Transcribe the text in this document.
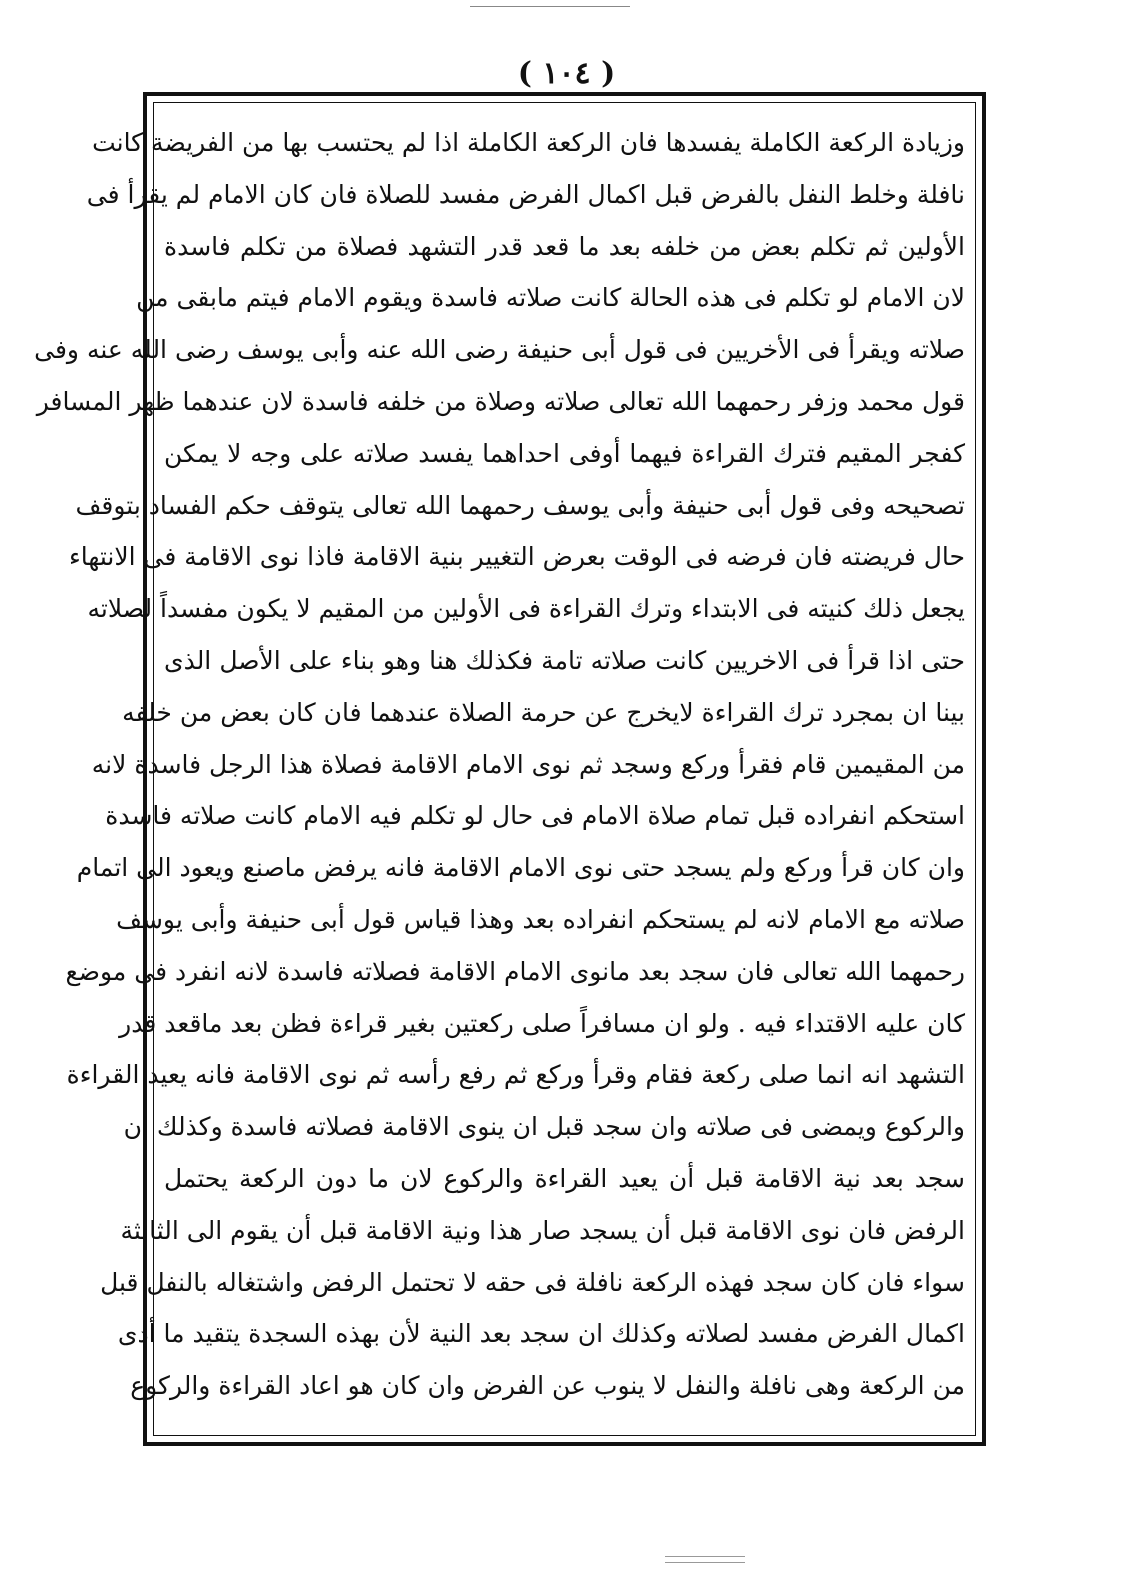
( ١٠٤ )
وزيادة الركعة الكاملة يفسدها فان الركعة الكاملة اذا لم يحتسب بها من الفريضة كانت
نافلة وخلط النفل بالفرض قبل اكمال الفرض مفسد للصلاة فان كان الامام لم يقرأ فى
الأولين ثم تكلم بعض من خلفه بعد ما قعد قدر التشهد فصلاة من تكلم فاسدة
لان الامام لو تكلم فى هذه الحالة كانت صلاته فاسدة ويقوم الامام فيتم مابقى من
صلاته ويقرأ فى الأخريين فى قول أبى حنيفة رضى الله عنه وأبى يوسف رضى الله عنه وفى
قول محمد وزفر رحمهما الله تعالى صلاته وصلاة من خلفه فاسدة لان عندهما ظهر المسافر
كفجر المقيم فترك القراءة فيهما أوفى احداهما يفسد صلاته على وجه لا يمكن
تصحيحه وفى قول أبى حنيفة وأبى يوسف رحمهما الله تعالى يتوقف حكم الفساد بتوقف
حال فريضته فان فرضه فى الوقت بعرض التغيير بنية الاقامة فاذا نوى الاقامة فى الانتهاء
يجعل ذلك كنيته فى الابتداء وترك القراءة فى الأولين من المقيم لا يكون مفسداً لصلاته
حتى اذا قرأ فى الاخريين كانت صلاته تامة فكذلك هنا وهو بناء على الأصل الذى
بينا ان بمجرد ترك القراءة لايخرج عن حرمة الصلاة عندهما فان كان بعض من خلفه
من المقيمين قام فقرأ وركع وسجد ثم نوى الامام الاقامة فصلاة هذا الرجل فاسدة لانه
استحكم انفراده قبل تمام صلاة الامام فى حال لو تكلم فيه الامام كانت صلاته فاسدة
وان كان قرأ وركع ولم يسجد حتى نوى الامام الاقامة فانه يرفض ماصنع ويعود الى اتمام
صلاته مع الامام لانه لم يستحكم انفراده بعد وهذا قياس قول أبى حنيفة وأبى يوسف
رحمهما الله تعالى فان سجد بعد مانوى الامام الاقامة فصلاته فاسدة لانه انفرد فى موضع
كان عليه الاقتداء فيه . ولو ان مسافراً صلى ركعتين بغير قراءة فظن بعد ماقعد قدر
التشهد انه انما صلى ركعة فقام وقرأ وركع ثم رفع رأسه ثم نوى الاقامة فانه يعيد القراءة
والركوع ويمضى فى صلاته وان سجد قبل ان ينوى الاقامة فصلاته فاسدة وكذلك ان
سجد بعد نية الاقامة قبل أن يعيد القراءة والركوع لان ما دون الركعة يحتمل
الرفض فان نوى الاقامة قبل أن يسجد صار هذا ونية الاقامة قبل أن يقوم الى الثالثة
سواء فان كان سجد فهذه الركعة نافلة فى حقه لا تحتمل الرفض واشتغاله بالنفل قبل
اكمال الفرض مفسد لصلاته وكذلك ان سجد بعد النية لأن بهذه السجدة يتقيد ما أدى
من الركعة وهى نافلة والنفل لا ينوب عن الفرض وان كان هو اعاد القراءة والركوع
